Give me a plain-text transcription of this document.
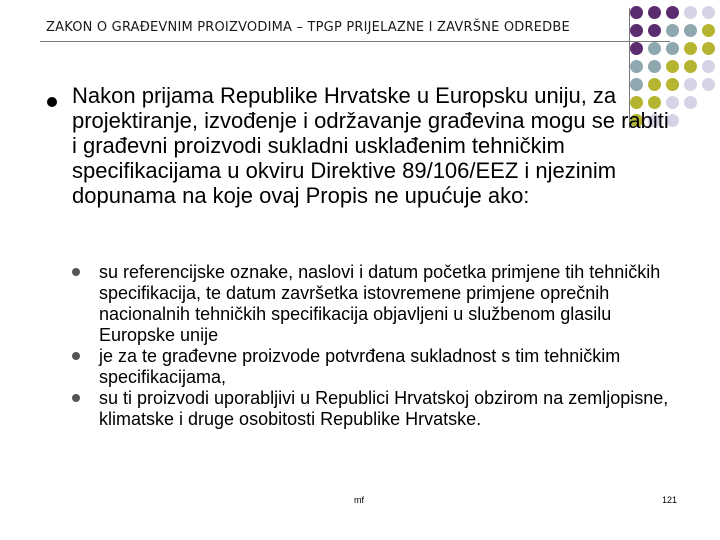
ZAKON O GRAĐEVNIM PROIZVODIMA – TPGP PRIJELAZNE I ZAVRŠNE ODREDBE
Nakon prijama Republike Hrvatske u Europsku uniju, za projektiranje, izvođenje i održavanje građevina mogu se rabiti i građevni proizvodi sukladni usklađenim tehničkim specifikacijama u okviru Direktive 89/106/EEZ i njezinim dopunama na koje ovaj Propis ne upućuje ako:
su referencijske oznake, naslovi i datum početka primjene tih tehničkih specifikacija, te datum završetka istovremene primjene oprečnih nacionalnih tehničkih specifikacija objavljeni u službenom glasilu Europske unije
je za te građevne proizvode potvrđena sukladnost s tim tehničkim specifikacijama,
su ti proizvodi uporabljivi u Republici Hrvatskoj obzirom na zemljopisne, klimatske i druge osobitosti Republike Hrvatske.
mf	121
